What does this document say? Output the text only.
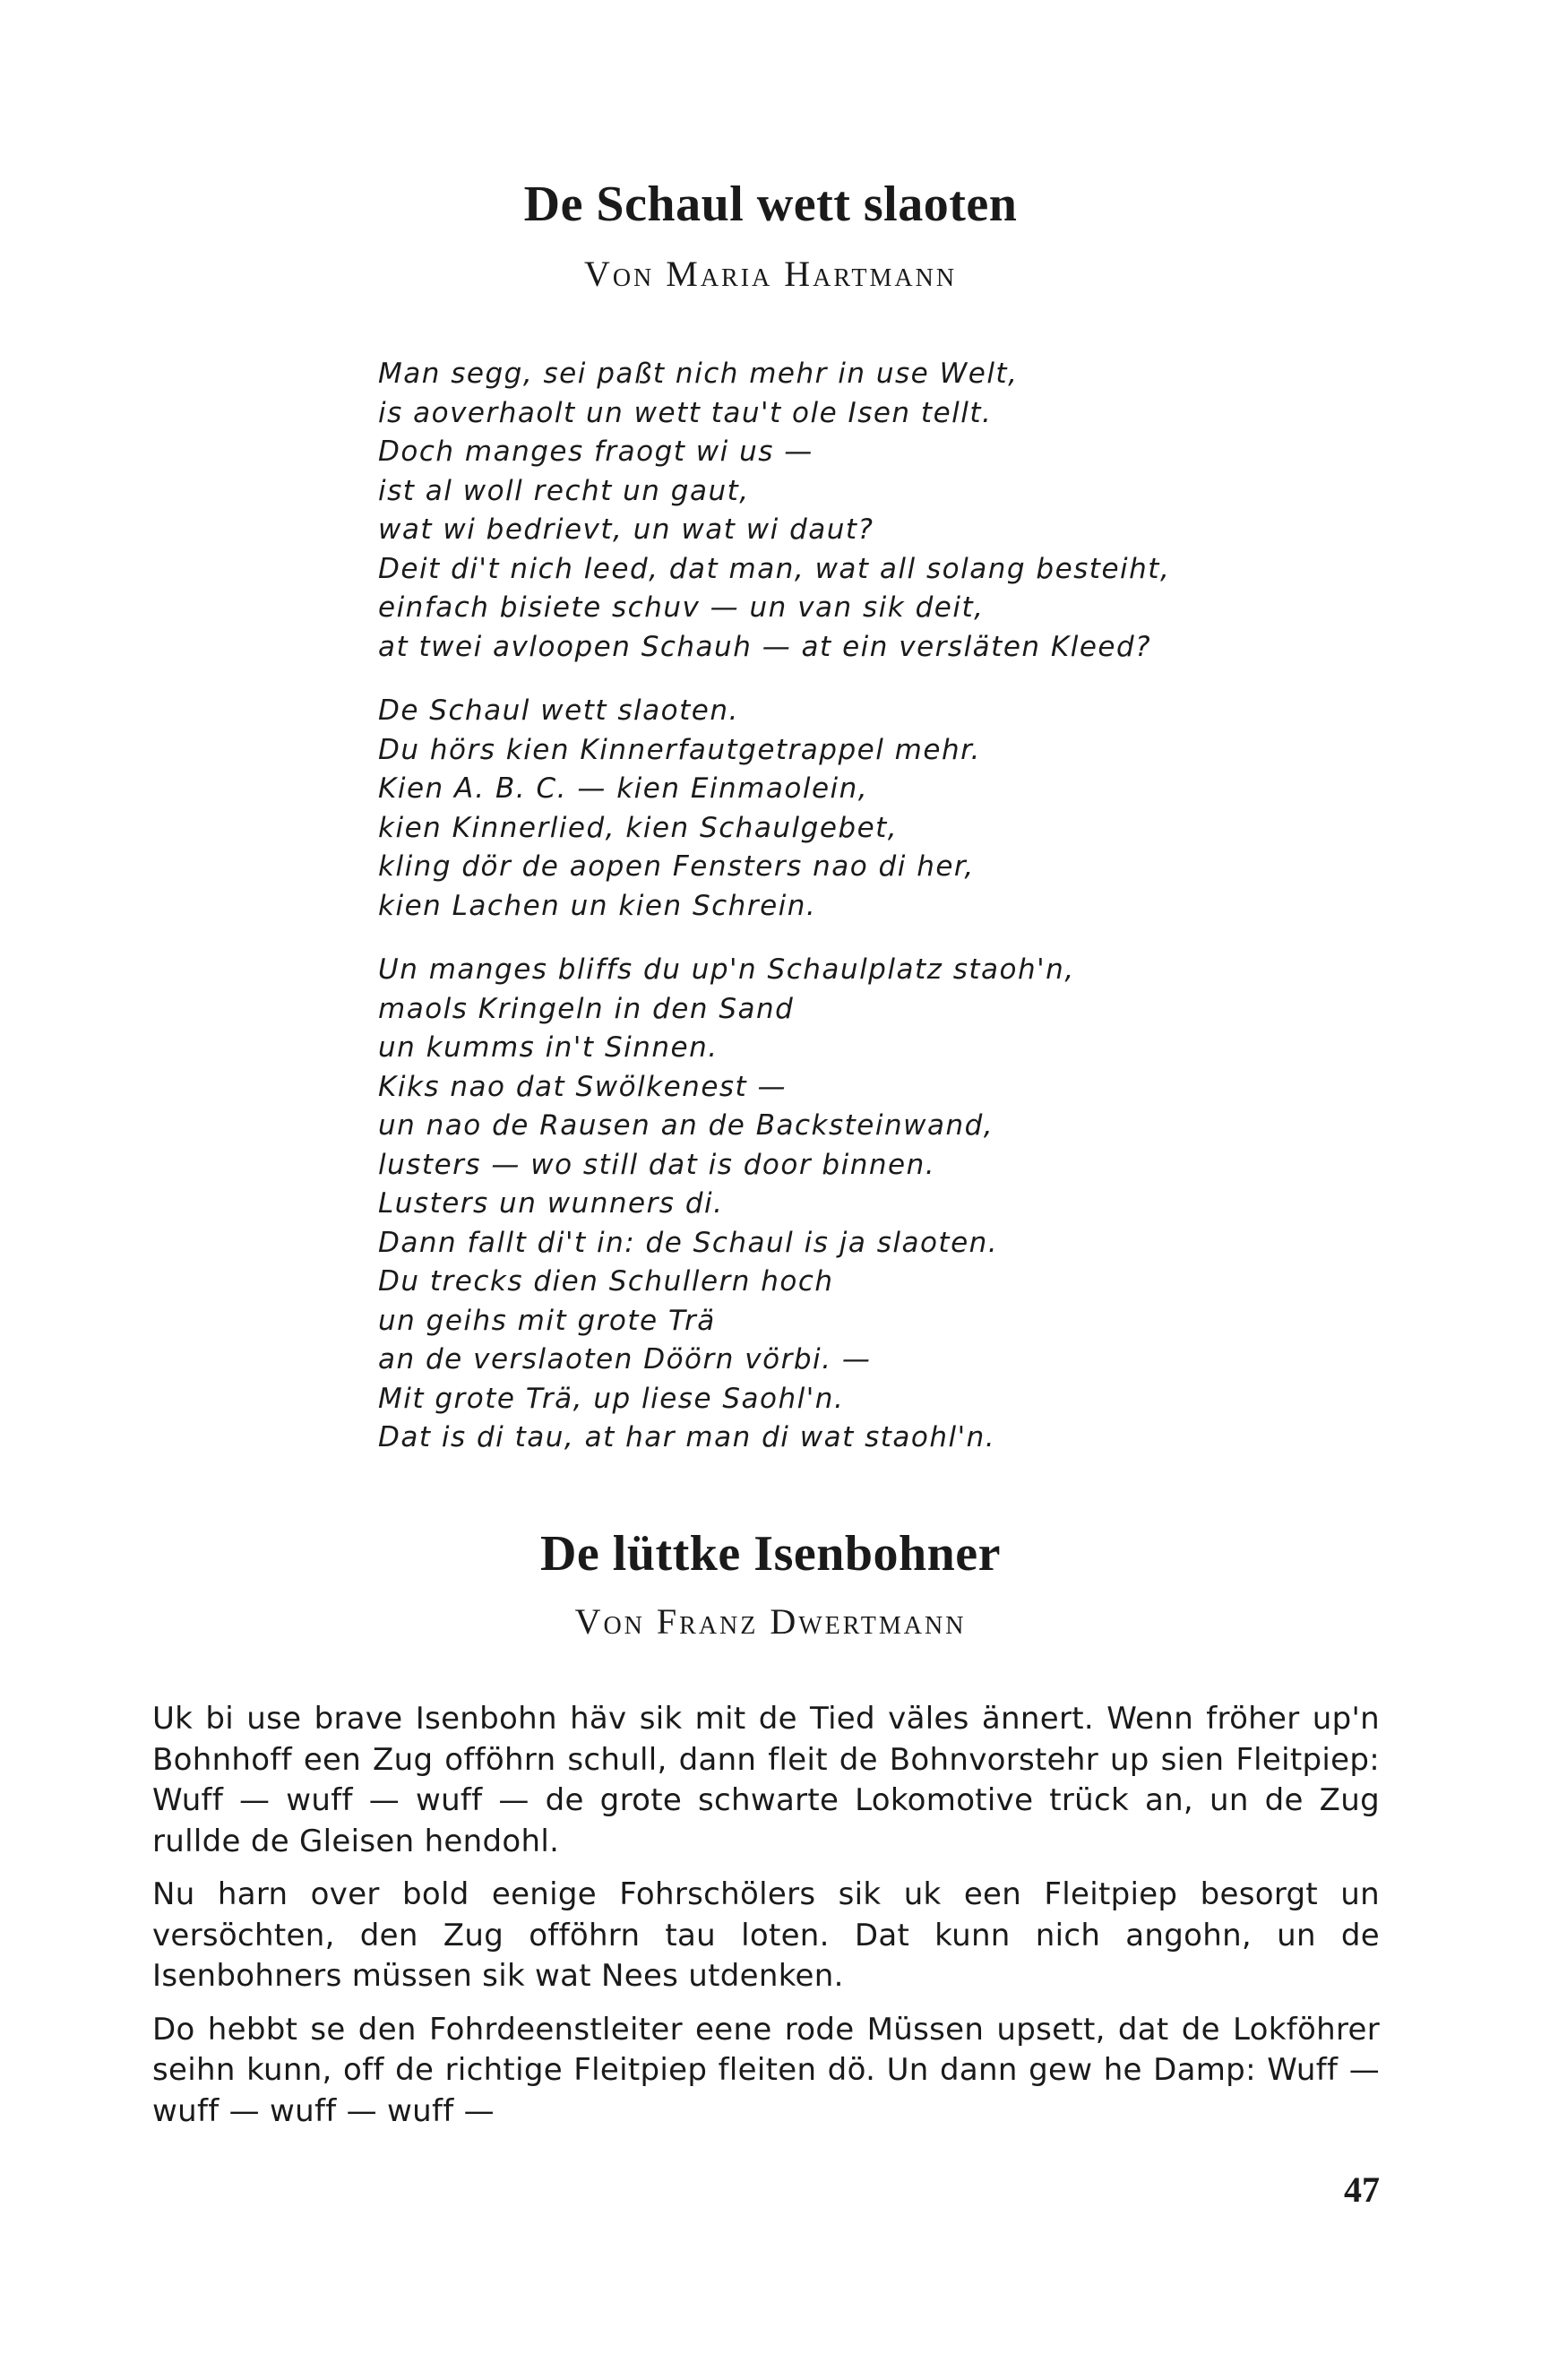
De Schaul wett slaoten

Von Maria Hartmann

Man segg, sei paßt nich mehr in use Welt,
is aoverhaolt un wett tau't ole Isen tellt.
Doch manges fraogt wi us —
ist al woll recht un gaut,
wat wi bedrievt, un wat wi daut?
Deit di't nich leed, dat man, wat all solang besteiht,
einfach bisiete schuv — un van sik deit,
at twei avloopen Schauh — at ein versläten Kleed?
De Schaul wett slaoten.
Du hörs kien Kinnerfautgetrappel mehr.
Kien A. B. C. — kien Einmaolein,
kien Kinnerlied, kien Schaulgebet,
kling dör de aopen Fensters nao di her,
kien Lachen un kien Schrein.
Un manges bliffs du up'n Schaulplatz staoh'n,
maols Kringeln in den Sand
un kumms in't Sinnen.
Kiks nao dat Swölkenest —
un nao de Rausen an de Backsteinwand,
lusters — wo still dat is door binnen.
Lusters un wunners di.
Dann fallt di't in: de Schaul is ja slaoten.
Du trecks dien Schullern hoch
un geihs mit grote Trä
an de verslaoten Döörn vörbi. —
Mit grote Trä, up liese Saohl'n.
Dat is di tau, at har man di wat staohl'n.
De lüttke Isenbohner

Von Franz Dwertmann

Uk bi use brave Isenbohn häv sik mit de Tied väles ännert. Wenn fröher up'n Bohnhoff een Zug offöhrn schull, dann fleit de Bohnvorstehr up sien Fleitpiep: Wuff — wuff — wuff — de grote schwarte Lokomotive trück an, un de Zug rullde de Gleisen hendohl.

Nu harn over bold eenige Fohrschölers sik uk een Fleitpiep besorgt un versöchten, den Zug offöhrn tau loten. Dat kunn nich angohn, un de Isenbohners müssen sik wat Nees utdenken.

Do hebbt se den Fohrdeenstleiter eene rode Müssen upsett, dat de Lokföhrer seihn kunn, off de richtige Fleitpiep fleiten dö. Un dann gew he Damp: Wuff — wuff — wuff — wuff —

47
